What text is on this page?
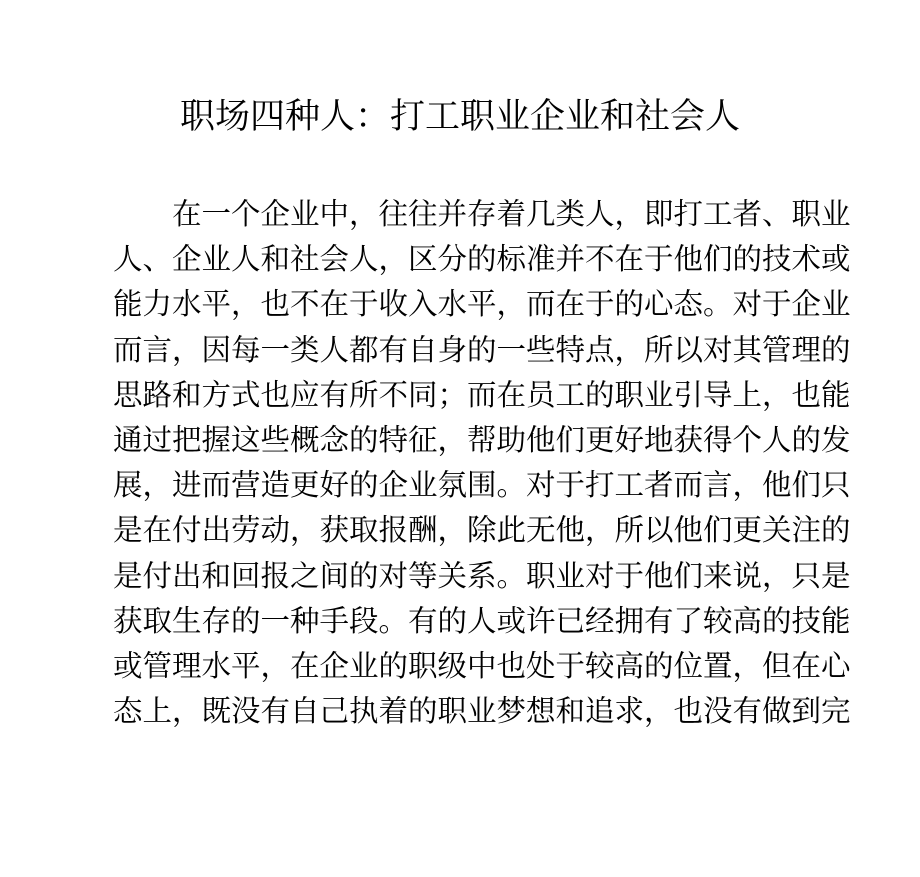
职场四种人：打工职业企业和社会人
在一个企业中，往往并存着几类人，即打工者、职业
人、企业人和社会人，区分的标准并不在于他们的技术或
能力水平，也不在于收入水平，而在于的心态。对于企业
而言，因每一类人都有自身的一些特点，所以对其管理的
思路和方式也应有所不同；而在员工的职业引导上，也能
通过把握这些概念的特征，帮助他们更好地获得个人的发
展，进而营造更好的企业氛围。对于打工者而言，他们只
是在付出劳动，获取报酬，除此无他，所以他们更关注的
是付出和回报之间的对等关系。职业对于他们来说，只是
获取生存的一种手段。有的人或许已经拥有了较高的技能
或管理水平，在企业的职级中也处于较高的位置，但在心
态上，既没有自己执着的职业梦想和追求，也没有做到完
